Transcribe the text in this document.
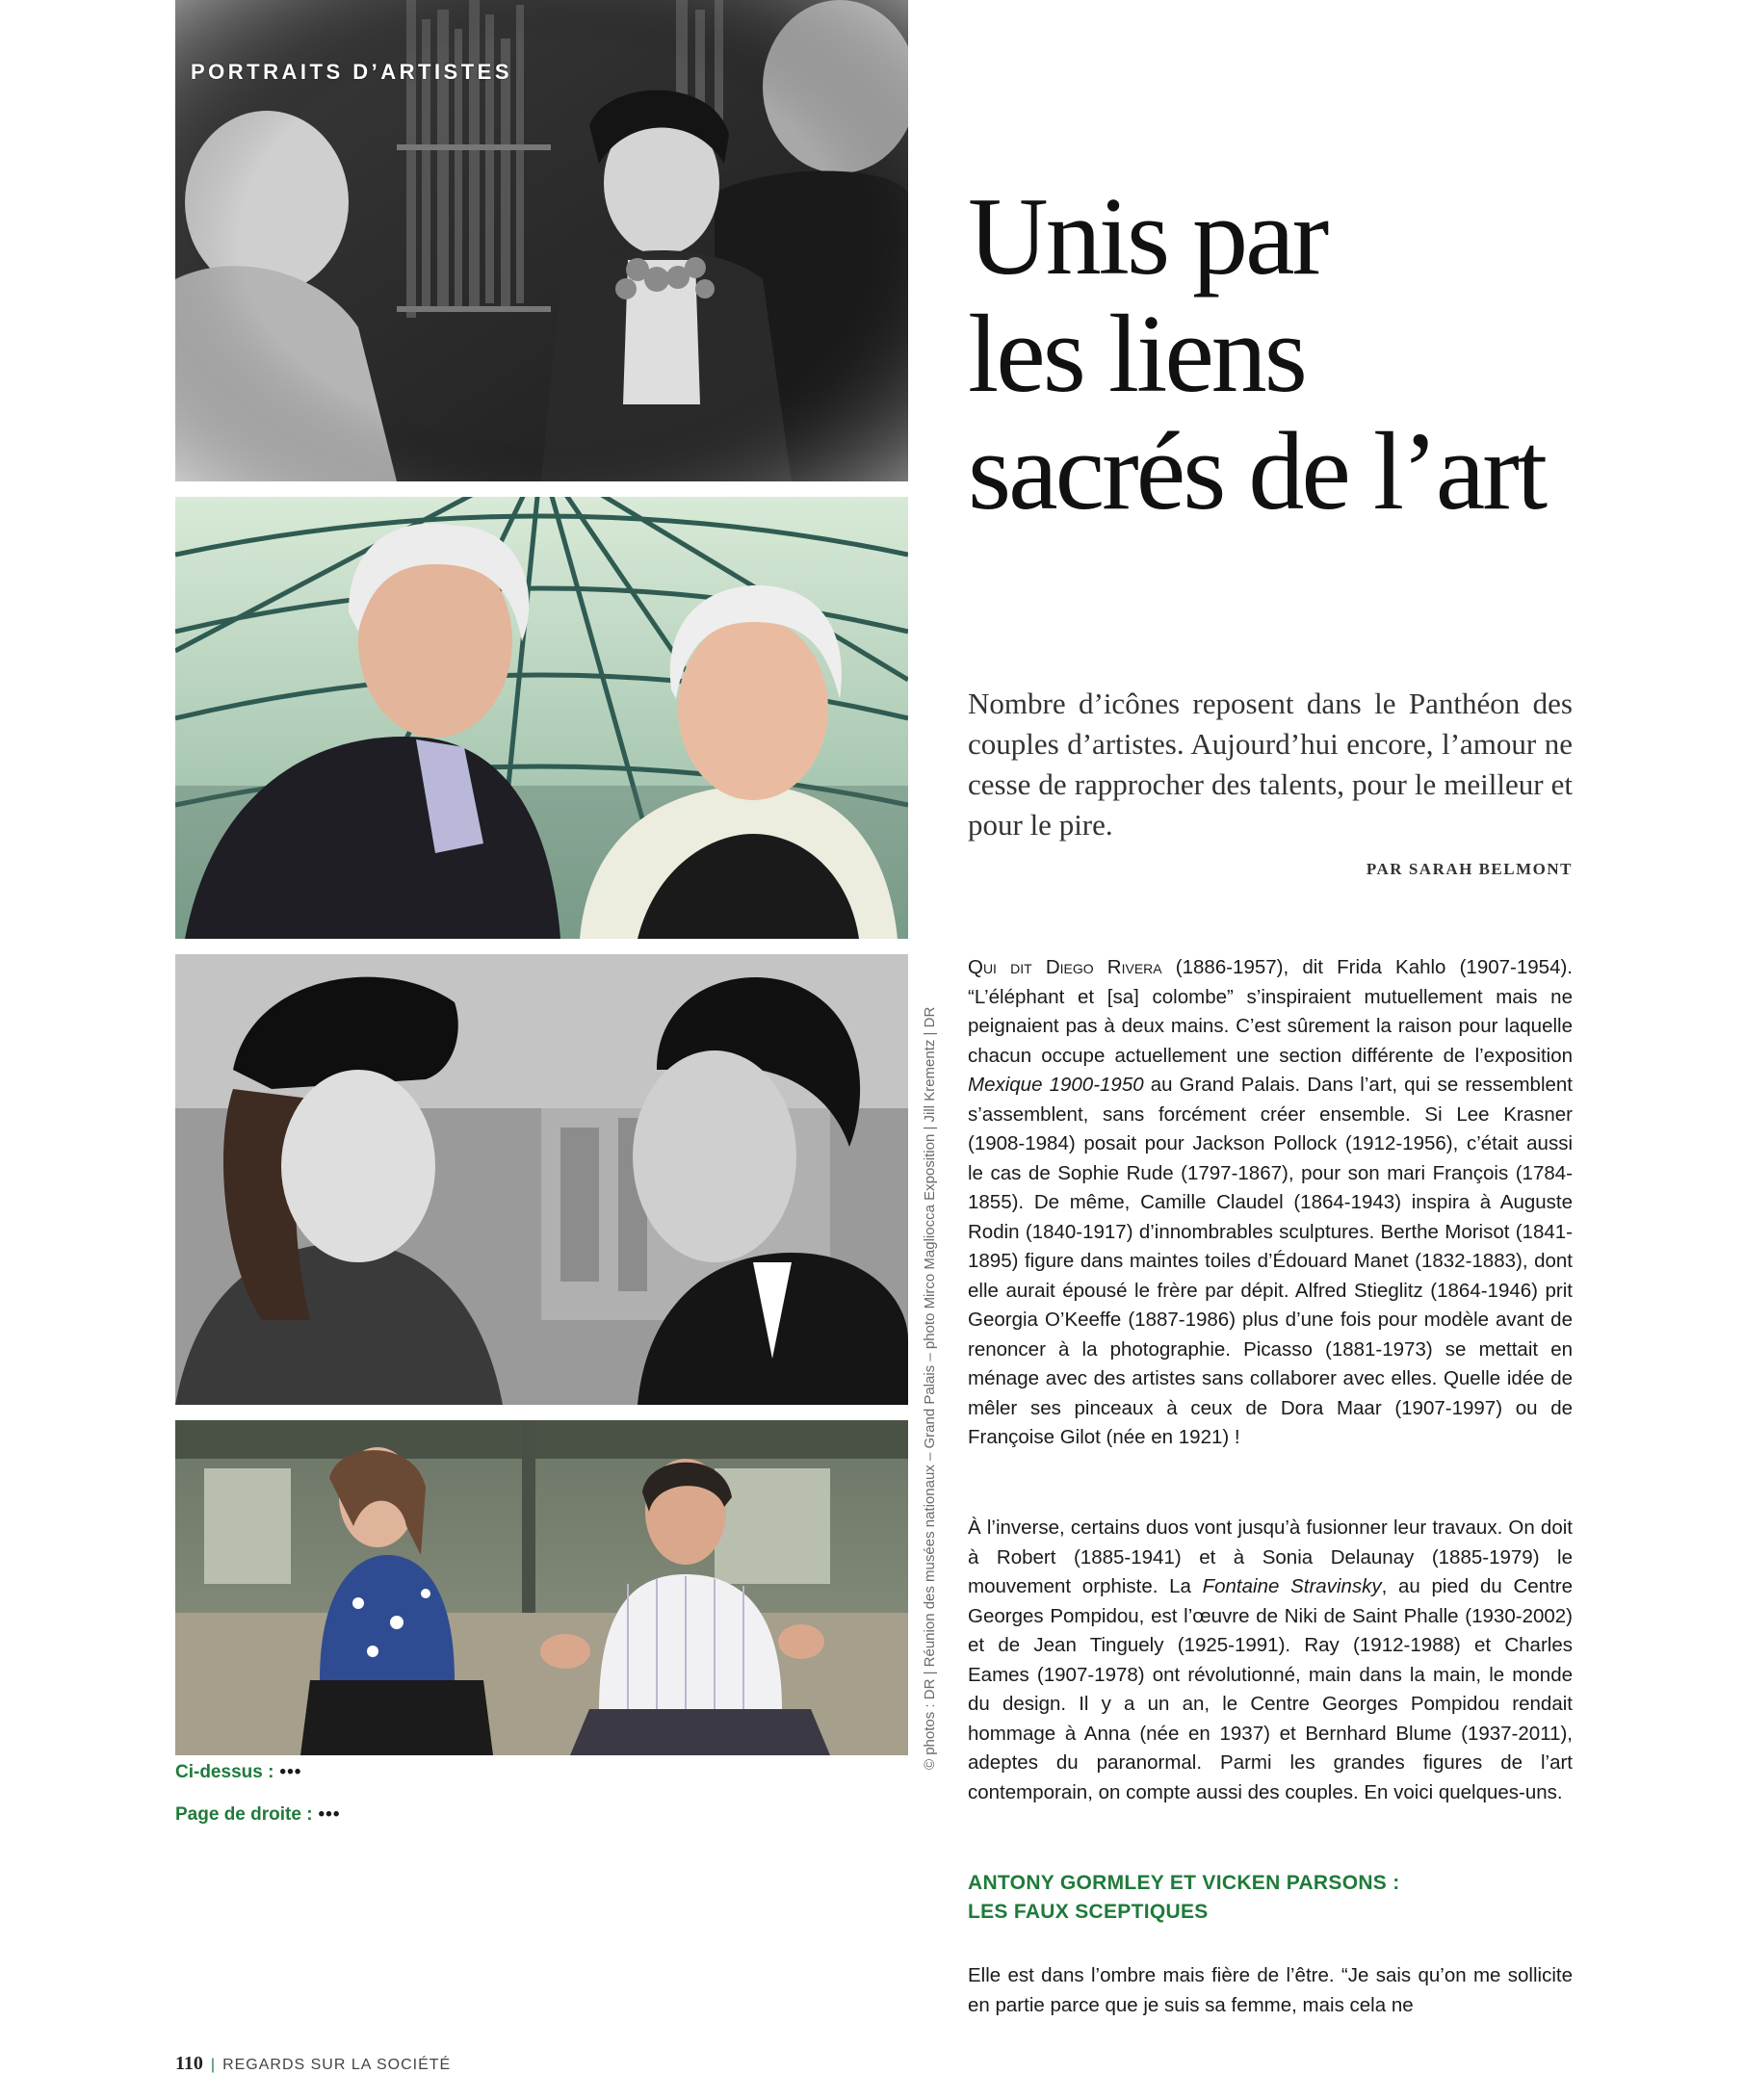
PORTRAITS D’ARTISTES
© photos : DR | Réunion des musées nationaux – Grand Palais – photo Mirco Magliocca Exposition | Jill Krementz | DR
Ci-dessus : •••
Page de droite : •••
Unis par
les liens
sacrés de l’art

Nombre d’icônes reposent dans le Panthéon des couples d’artistes. Aujourd’hui encore, l’amour ne cesse de rapprocher des talents, pour le meilleur et pour le pire.

PAR SARAH BELMONT

Qui dit Diego Rivera (1886-1957), dit Frida Kahlo (1907-1954). “L’éléphant et [sa] colombe” s’inspiraient mutuellement mais ne peignaient pas à deux mains. C’est sûrement la raison pour laquelle chacun occupe actuellement une section différente de l’exposition Mexique 1900-1950 au Grand Palais. Dans l’art, qui se ressemblent s’assemblent, sans forcément créer ensemble. Si Lee Krasner (1908-1984) posait pour Jackson Pollock (1912-1956), c’était aussi le cas de Sophie Rude (1797-1867), pour son mari François (1784-1855). De même, Camille Claudel (1864-1943) inspira à Auguste Rodin (1840-1917) d’innombrables sculptures. Berthe Morisot (1841-1895) figure dans maintes toiles d’Édouard Manet (1832-1883), dont elle aurait épousé le frère par dépit. Alfred Stieglitz (1864-1946) prit Georgia O’Keeffe (1887-1986) plus d’une fois pour modèle avant de renoncer à la photographie. Picasso (1881-1973) se mettait en ménage avec des artistes sans collaborer avec elles. Quelle idée de mêler ses pinceaux à ceux de Dora Maar (1907-1997) ou de Françoise Gilot (née en 1921) !

À l’inverse, certains duos vont jusqu’à fusionner leur travaux. On doit à Robert (1885-1941) et à Sonia Delaunay (1885-1979) le mouvement orphiste. La Fontaine Stravinsky, au pied du Centre Georges Pompidou, est l’œuvre de Niki de Saint Phalle (1930-2002) et de Jean Tinguely (1925-1991). Ray (1912-1988) et Charles Eames (1907-1978) ont révolutionné, main dans la main, le monde du design. Il y a un an, le Centre Georges Pompidou rendait hommage à Anna (née en 1937) et Bernhard Blume (1937-2011), adeptes du paranormal. Parmi les grandes figures de l’art contemporain, on compte aussi des couples. En voici quelques-uns.

ANTONY GORMLEY ET VICKEN PARSONS :
LES FAUX SCEPTIQUES

Elle est dans l’ombre mais fière de l’être. “Je sais qu’on me sollicite en partie parce que je suis sa femme, mais cela ne

110 | REGARDS SUR LA SOCIÉTÉ
